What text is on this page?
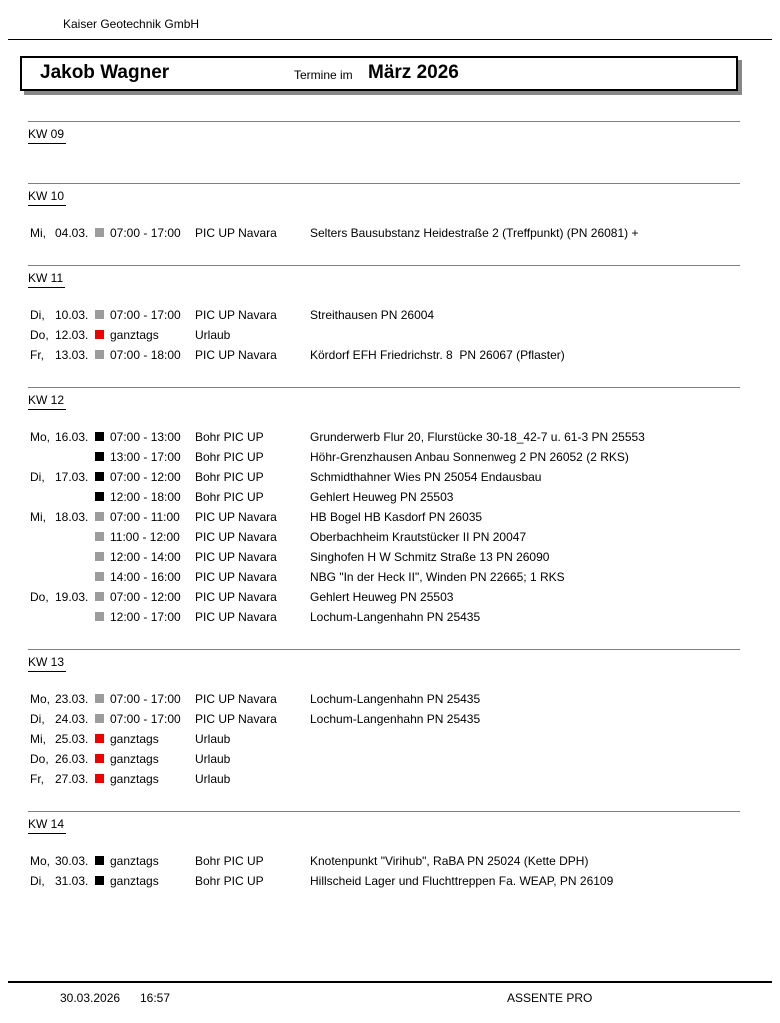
Kaiser Geotechnik GmbH
Jakob Wagner	Termine im März 2026
KW 09
KW 10
Mi, 04.03. 07:00 - 17:00 PIC UP Navara	Selters Bausubstanz Heidestraße 2 (Treffpunkt) (PN 26081) +
KW 11
Di, 10.03. 07:00 - 17:00 PIC UP Navara	Streithausen PN 26004
Do, 12.03. ganztags	Urlaub
Fr, 13.03. 07:00 - 18:00 PIC UP Navara	Kördorf EFH Friedrichstr. 8  PN 26067 (Pflaster)
KW 12
Mo, 16.03. 07:00 - 13:00 Bohr PIC UP	Grunderwerb Flur 20, Flurstücke 30-18_42-7 u. 61-3 PN 25553
13:00 - 17:00 Bohr PIC UP	Höhr-Grenzhausen Anbau Sonnenweg 2 PN 26052 (2 RKS)
Di, 17.03. 07:00 - 12:00 Bohr PIC UP	Schmidthahner Wies PN 25054 Endausbau
12:00 - 18:00 Bohr PIC UP	Gehlert Heuweg PN 25503
Mi, 18.03. 07:00 - 11:00 PIC UP Navara	HB Bogel HB Kasdorf PN 26035
11:00 - 12:00 PIC UP Navara	Oberbachheim Krautstücker II PN 20047
12:00 - 14:00 PIC UP Navara	Singhofen H W Schmitz Straße 13 PN 26090
14:00 - 16:00 PIC UP Navara	NBG "In der Heck II", Winden PN 22665; 1 RKS
Do, 19.03. 07:00 - 12:00 PIC UP Navara	Gehlert Heuweg PN 25503
12:00 - 17:00 PIC UP Navara	Lochum-Langenhahn PN 25435
KW 13
Mo, 23.03. 07:00 - 17:00 PIC UP Navara	Lochum-Langenhahn PN 25435
Di, 24.03. 07:00 - 17:00 PIC UP Navara	Lochum-Langenhahn PN 25435
Mi, 25.03. ganztags	Urlaub
Do, 26.03. ganztags	Urlaub
Fr, 27.03. ganztags	Urlaub
KW 14
Mo, 30.03. ganztags	Bohr PIC UP	Knotenpunkt "Virihub", RaBA PN 25024 (Kette DPH)
Di, 31.03. ganztags	Bohr PIC UP	Hillscheid Lager und Fluchttreppen Fa. WEAP, PN 26109
30.03.2026 16:57	ASSENTE PRO
